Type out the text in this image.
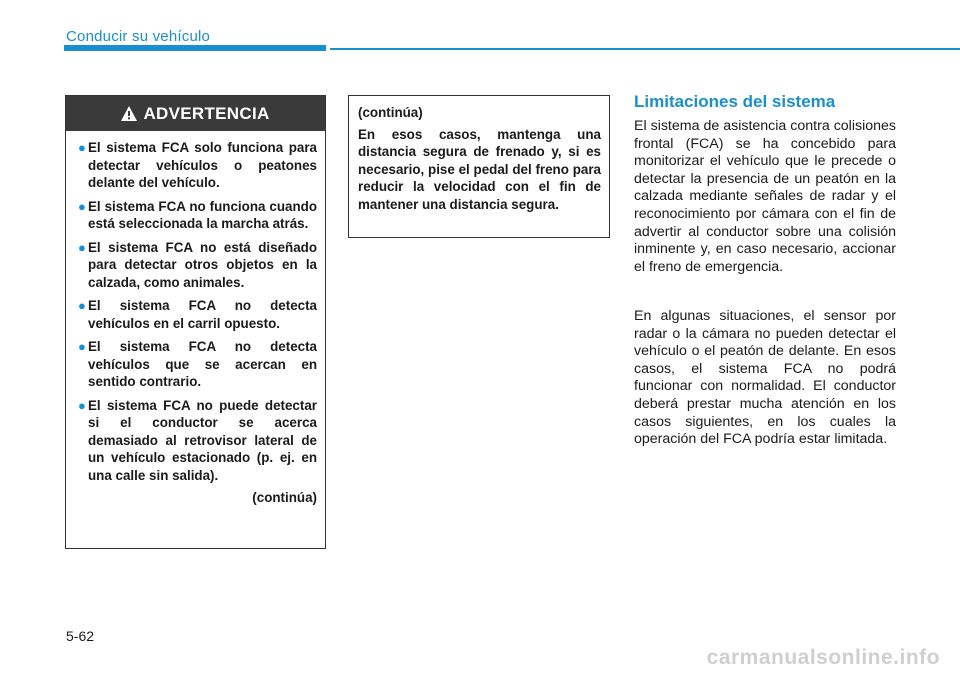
Conducir su vehículo
ADVERTENCIA
● El sistema FCA solo funciona para detectar vehículos o peatones delante del vehículo.
● El sistema FCA no funciona cuando está seleccionada la marcha atrás.
● El sistema FCA no está diseñado para detectar otros objetos en la calzada, como animales.
● El sistema FCA no detecta vehículos en el carril opuesto.
● El sistema FCA no detecta vehículos que se acercan en sentido contrario.
● El sistema FCA no puede detectar si el conductor se acerca demasiado al retrovisor lateral de un vehículo estacionado (p. ej. en una calle sin salida).
(continúa)
(continúa)
En esos casos, mantenga una distancia segura de frenado y, si es necesario, pise el pedal del freno para reducir la velocidad con el fin de mantener una distancia segura.
Limitaciones del sistema

El sistema de asistencia contra colisiones frontal (FCA) se ha concebido para monitorizar el vehículo que le precede o detectar la presencia de un peatón en la calzada mediante señales de radar y el reconocimiento por cámara con el fin de advertir al conductor sobre una colisión inminente y, en caso necesario, accionar el freno de emergencia.

En algunas situaciones, el sensor por radar o la cámara no pueden detectar el vehículo o el peatón de delante. En esos casos, el sistema FCA no podrá funcionar con normalidad. El conductor deberá prestar mucha atención en los casos siguientes, en los cuales la operación del FCA podría estar limitada.

5-62
carmanualsonline.info
